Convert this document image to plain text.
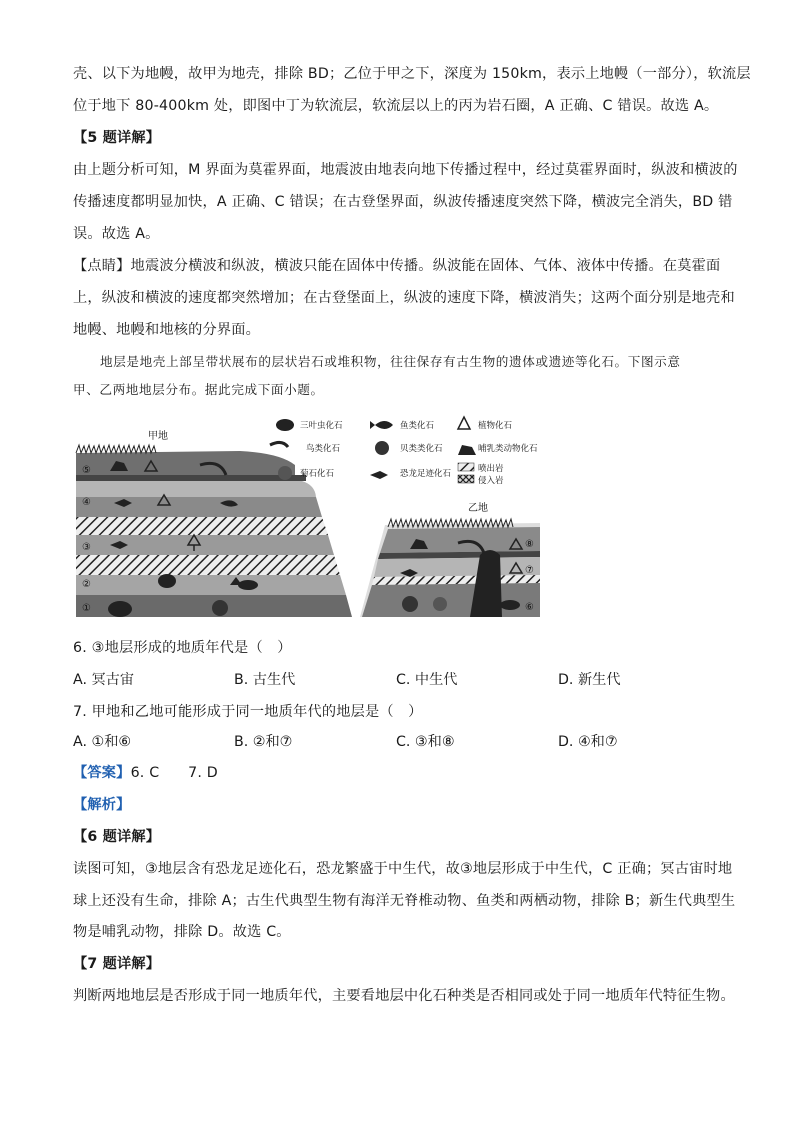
壳、以下为地幔，故甲为地壳，排除 BD；乙位于甲之下，深度为 150km，表示上地幔（一部分），软流层
位于地下 80-400km 处，即图中丁为软流层，软流层以上的丙为岩石圈，A 正确、C 错误。故选 A。
【5 题详解】
由上题分析可知，M 界面为莫霍界面，地震波由地表向地下传播过程中，经过莫霍界面时，纵波和横波的
传播速度都明显加快，A 正确、C 错误；在古登堡界面，纵波传播速度突然下降，横波完全消失，BD 错
误。故选 A。
【点睛】地震波分横波和纵波，横波只能在固体中传播。纵波能在固体、气体、液体中传播。在莫霍面
上，纵波和横波的速度都突然增加；在古登堡面上，纵波的速度下降，横波消失；这两个面分别是地壳和
地幔、地幔和地核的分界面。
地层是地壳上部呈带状展布的层状岩石或堆积物，往往保存有古生物的遗体或遗迹等化石。下图示意
甲、乙两地地层分布。据此完成下面小题。
甲地
⑤
④
③
②
①
乙地
⑧
⑦
⑥
三叶虫化石	鱼类化石	植物化石
鸟类化石	贝类类化石	哺乳类动物化石
菊石化石	恐龙足迹化石	喷出岩
侵入岩
6. ③地层形成的地质年代是（　）
A. 冥古宙	B. 古生代	C. 中生代	D. 新生代
7. 甲地和乙地可能形成于同一地质年代的地层是（　）
A. ①和⑥	B. ②和⑦	C. ③和⑧	D. ④和⑦
【答案】6. C　　7. D
【解析】
【6 题详解】
读图可知，③地层含有恐龙足迹化石，恐龙繁盛于中生代，故③地层形成于中生代，C 正确；冥古宙时地
球上还没有生命，排除 A；古生代典型生物有海洋无脊椎动物、鱼类和两栖动物，排除 B；新生代典型生
物是哺乳动物，排除 D。故选 C。
【7 题详解】
判断两地地层是否形成于同一地质年代，主要看地层中化石种类是否相同或处于同一地质年代特征生物。
